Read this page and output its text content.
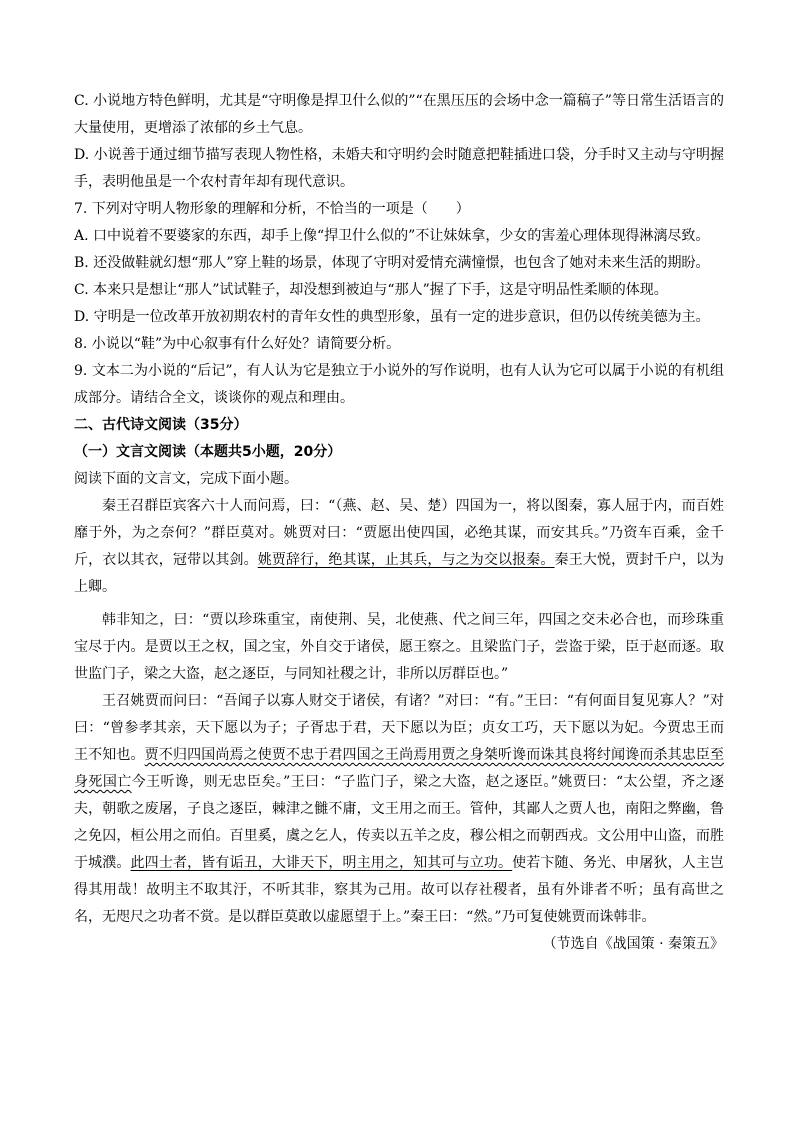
C. 小说地方特色鲜明，尤其是“守明像是捍卫什么似的”“在黑压压的会场中念一篇稿子”等日常生活语言的大量使用，更增添了浓郁的乡土气息。

D. 小说善于通过细节描写表现人物性格，未婚夫和守明约会时随意把鞋插进口袋，分手时又主动与守明握手，表明他虽是一个农村青年却有现代意识。

7. 下列对守明人物形象的理解和分析，不恰当的一项是（　　）

A. 口中说着不要婆家的东西，却手上像“捍卫什么似的”不让妹妹拿，少女的害羞心理体现得淋漓尽致。

B. 还没做鞋就幻想“那人”穿上鞋的场景，体现了守明对爱情充满憧憬，也包含了她对未来生活的期盼。

C. 本来只是想让“那人”试试鞋子，却没想到被迫与“那人”握了下手，这是守明品性柔顺的体现。

D. 守明是一位改革开放初期农村的青年女性的典型形象，虽有一定的进步意识，但仍以传统美德为主。

8. 小说以“鞋”为中心叙事有什么好处？请简要分析。

9. 文本二为小说的“后记”，有人认为它是独立于小说外的写作说明，也有人认为它可以属于小说的有机组成部分。请结合全文，谈谈你的观点和理由。

二、古代诗文阅读（35分）

（一）文言文阅读（本题共5小题，20分）

阅读下面的文言文，完成下面小题。

秦王召群臣宾客六十人而问焉，曰：“（燕、赵、吴、楚）四国为一，将以图秦，寡人屈于内，而百姓靡于外，为之奈何？”群臣莫对。姚贾对曰：“贾愿出使四国，必绝其谋，而安其兵。”乃资车百乘，金千斤，衣以其衣，冠带以其剑。姚贾辞行，绝其谋，止其兵，与之为交以报秦。秦王大悦，贾封千户，以为上卿。

韩非知之，曰：“贾以珍珠重宝，南使荆、吴，北使燕、代之间三年，四国之交未必合也，而珍珠重宝尽于内。是贾以王之权，国之宝，外自交于诸侯，愿王察之。且梁监门子，尝盗于梁，臣于赵而逐。取世监门子，梁之大盗，赵之逐臣，与同知社稷之计，非所以厉群臣也。”

王召姚贾而问曰：“吾闻子以寡人财交于诸侯，有诸？”对曰：“有。”王曰：“有何面目复见寡人？”对曰：“曾参孝其亲，天下愿以为子；子胥忠于君，天下愿以为臣；贞女工巧，天下愿以为妃。今贾忠王而王不知也。贾不归四国尚焉之使贾不忠于君四国之王尚焉用贾之身桀听谗而诛其良将纣闻谗而杀其忠臣至身死国亡今王听谗，则无忠臣矣。”王曰：“子监门子，梁之大盗，赵之逐臣。”姚贾曰：“太公望，齐之逐夫，朝歌之废屠，子良之逐臣，棘津之雠不庸，文王用之而王。管仲，其鄙人之贾人也，南阳之弊幽，鲁之免囚，桓公用之而伯。百里奚，虞之乞人，传卖以五羊之皮，穆公相之而朝西戎。文公用中山盗，而胜于城濮。此四士者，皆有诟丑，大诽天下，明主用之，知其可与立功。使若卞随、务光、申屠狄，人主岂得其用哉！故明主不取其汙，不听其非，察其为己用。故可以存社稷者，虽有外诽者不听；虽有高世之名，无咫尺之功者不赏。是以群臣莫敢以虚愿望于上。”秦王曰：“然。”乃可复使姚贾而诛韩非。

（节选自《战国策 · 秦策五》
